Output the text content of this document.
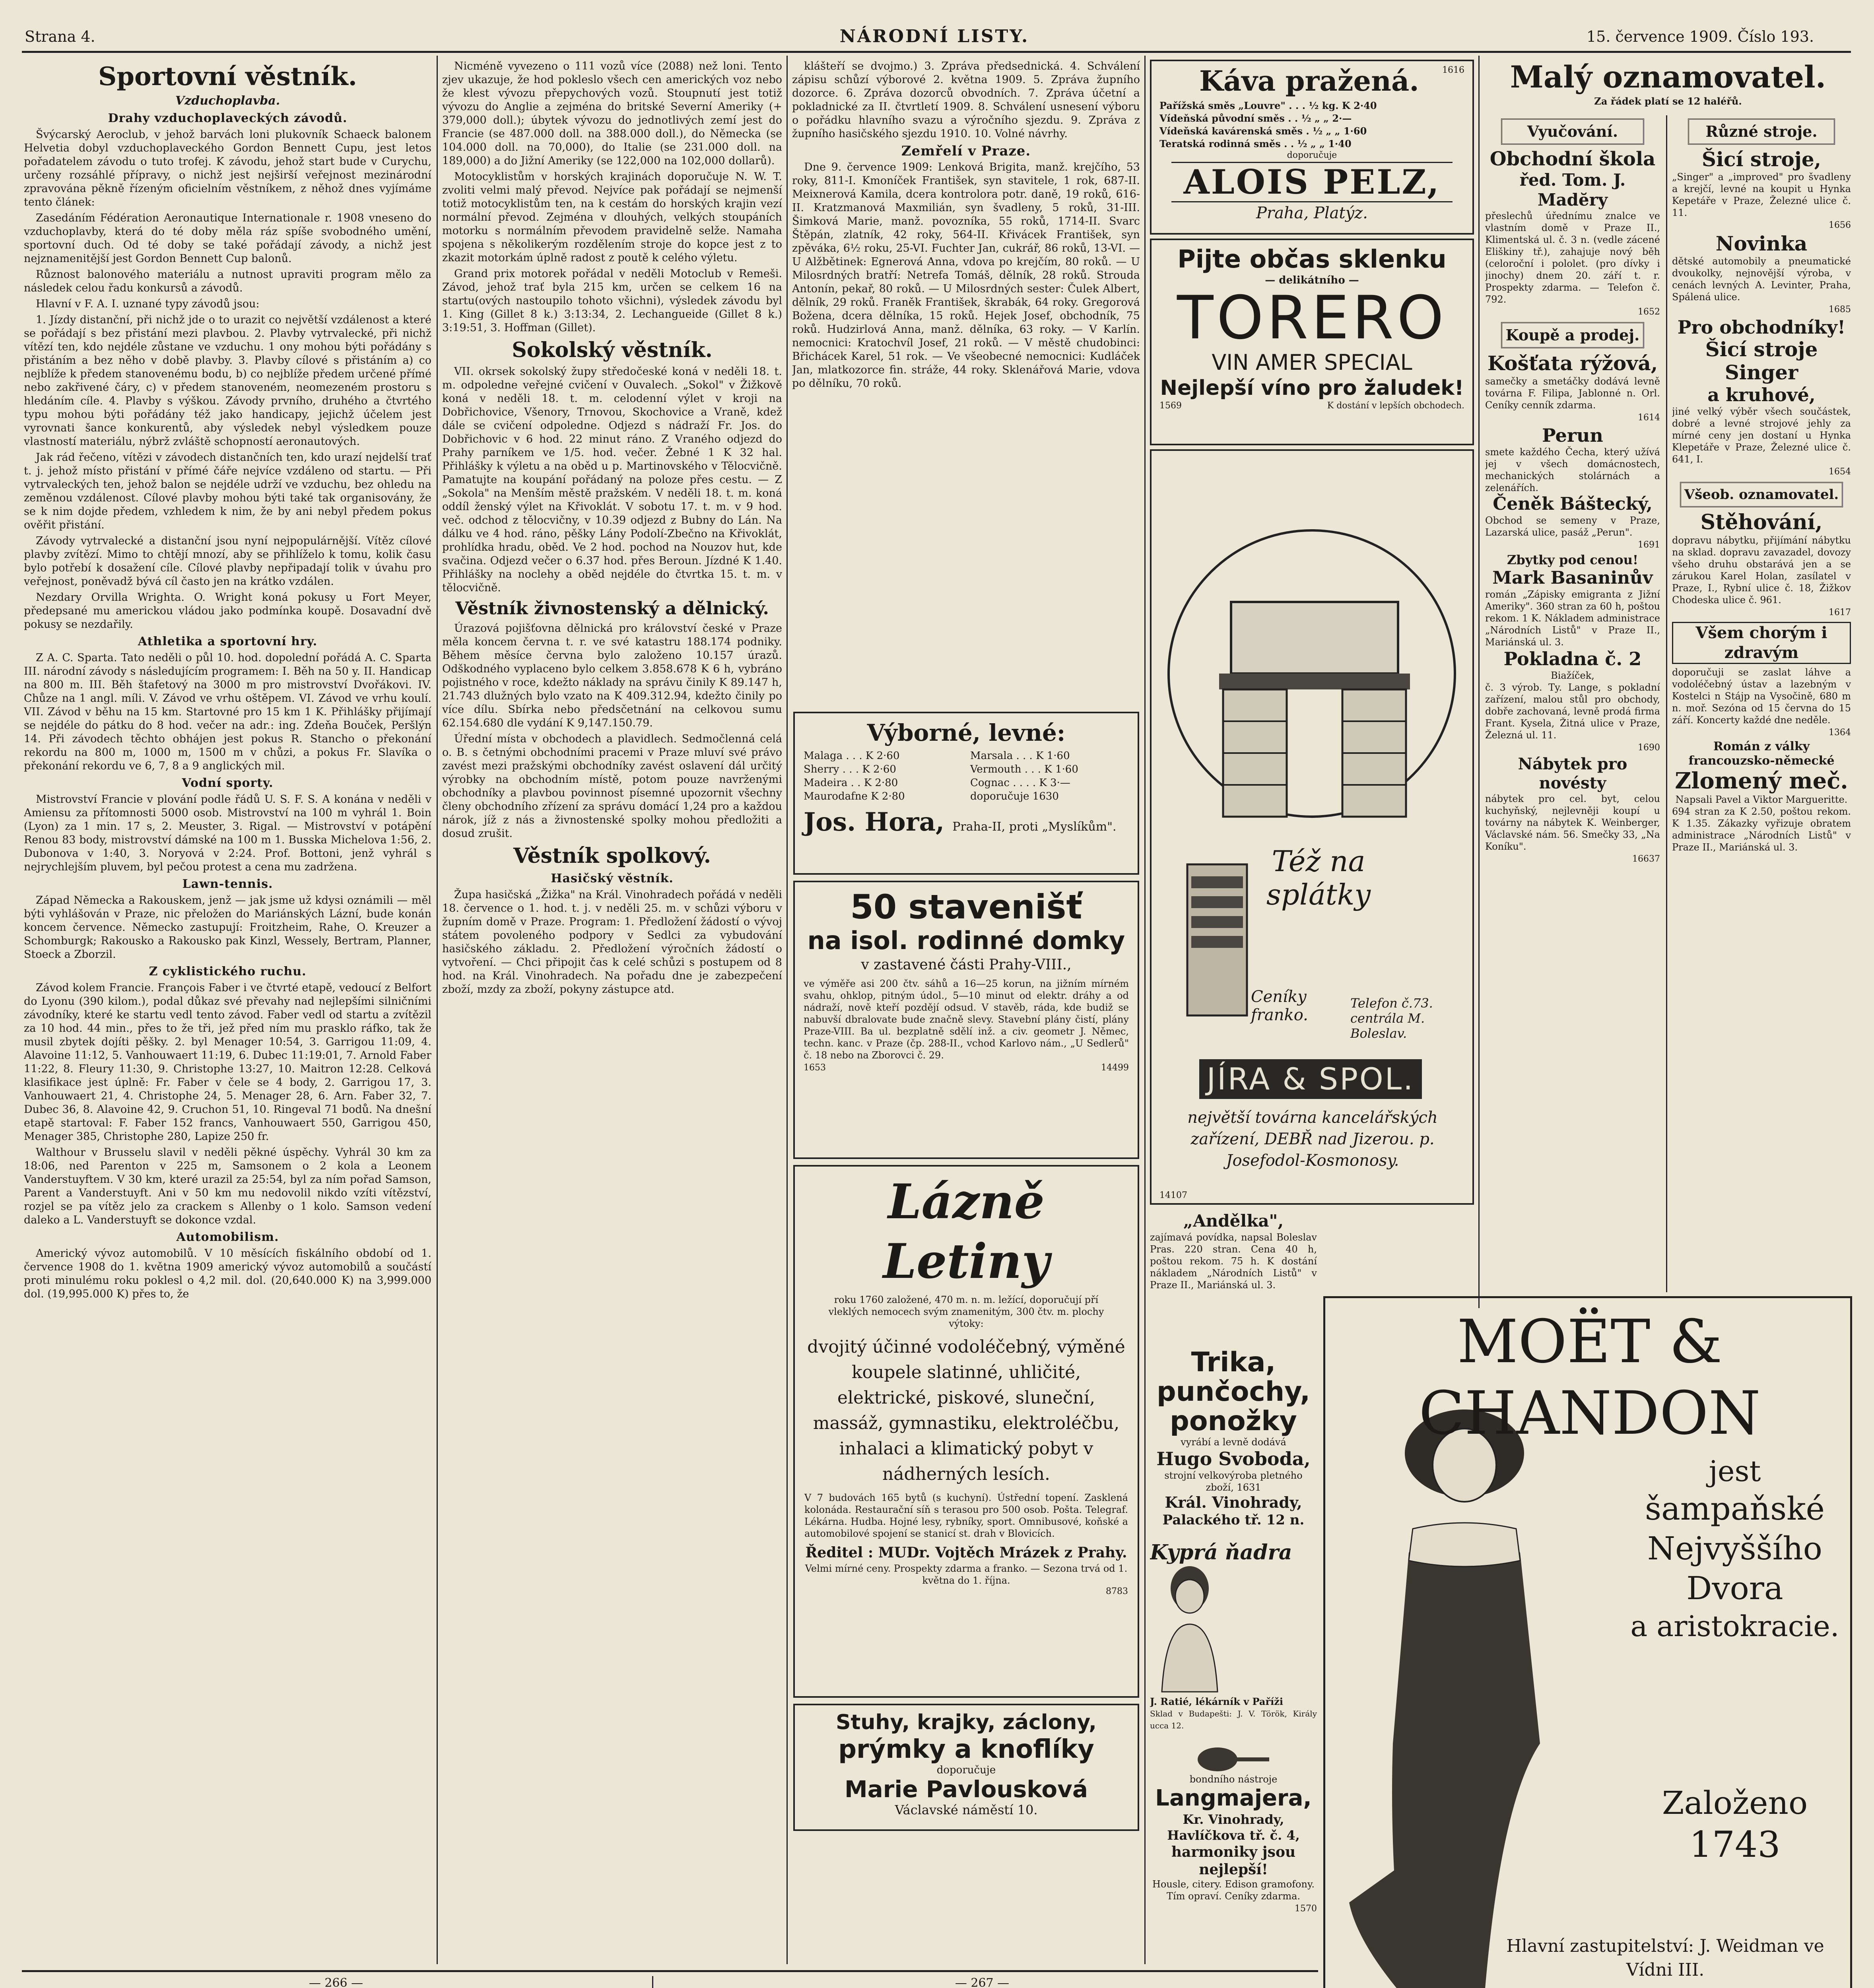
Strana 4.	NÁRODNÍ LISTY.	15. července 1909. Číslo 193.
Sportovní věstník.
Vzduchoplavba.
Drahy vzduchoplaveckých závodů.

Švýcarský Aeroclub, v jehož barvách loni plukovník Schaeck balonem Helvetia dobyl vzduchoplaveckého Gordon Bennett Cupu, jest letos pořadatelem závodu o tuto trofej. K závodu, jehož start bude v Curychu, určeny rozsáhlé přípravy, o nichž jest nejširší veřejnost mezinárodní zpravována pěkně řízeným oficielním věstníkem, z něhož dnes vyjímáme tento článek:

Zasedáním Fédération Aeronautique Internationale r. 1908 vneseno do vzduchoplavby, která do té doby měla ráz spíše svobodného umění, sportovní duch. Od té doby se také pořádají závody, a nichž jest nejznamenitější jest Gordon Bennett Cup balonů.

Různost balonového materiálu a nutnost upraviti program mělo za následek celou řadu konkursů a závodů.

Hlavní v F. A. I. uznané typy závodů jsou:

1. Jízdy distanční, při nichž jde o to urazit co největší vzdálenost a které se pořádají s bez přistání mezi plavbou. 2. Plavby vytrvalecké, při nichž vítězí ten, kdo nejdéle zůstane ve vzduchu. 1 ony mohou býti pořádány s přistáním a bez něho v době plavby. 3. Plavby cílové s přistáním a) co nejblíže k předem stanovenému bodu, b) co nejblíže předem určené přímé nebo zakřivené čáry, c) v předem stanoveném, neomezeném prostoru s hledáním cíle. 4. Plavby s výškou. Závody prvního, druhého a čtvrtého typu mohou býti pořádány též jako handicapy, jejichž účelem jest vyrovnati šance konkurentů, aby výsledek nebyl výsledkem pouze vlastností materiálu, nýbrž zvláště schopností aeronautových.

Jak rád řečeno, vítězi v závodech distančních ten, kdo urazí nejdelší trať t. j. jehož místo přistání v přímé čáře nejvíce vzdáleno od startu. — Při vytrvaleckých ten, jehož balon se nejdéle udrží ve vzduchu, bez ohledu na zeměnou vzdálenost. Cílové plavby mohou býti také tak organisovány, že se k nim dojde předem, vzhledem k nim, že by ani nebyl předem pokus ověřit přistání.

Závody vytrvalecké a distanční jsou nyní nejpopulárnější. Vítěz cílové plavby zvítězí. Mimo to chtějí mnozí, aby se přihlíželo k tomu, kolik času bylo potřebí k dosažení cíle. Cílové plavby nepřipadají tolik v úvahu pro veřejnost, poněvadž bývá cíl často jen na krátko vzdálen.

Nezdary Orvilla Wrighta. O. Wright koná pokusy u Fort Meyer, předepsané mu americkou vládou jako podmínka koupě. Dosavadní dvě pokusy se nezdařily.

Athletika a sportovní hry.

Z A. C. Sparta. Tato neděli o půl 10. hod. dopolední pořádá A. C. Sparta III. národní závody s následujícím programem: I. Běh na 50 y. II. Handicap na 800 m. III. Běh štafetový na 3000 m pro mistrovství Dvořákovi. IV. Chůze na 1 angl. míli. V. Závod ve vrhu oštěpem. VI. Závod ve vrhu koulí. VII. Závod v běhu na 15 km. Startovné pro 15 km 1 K. Přihlášky přijímají se nejdéle do pátku do 8 hod. večer na adr.: ing. Zdeňa Bouček, Peršlýn 14. Při závodech těchto obhájen jest pokus R. Stancho o překonání rekordu na 800 m, 1000 m, 1500 m v chůzi, a pokus Fr. Slavíka o překonání rekordu ve 6, 7, 8 a 9 anglických mil.

Vodní sporty.

Mistrovství Francie v plování podle řádů U. S. F. S. A konána v neděli v Amiensu za přítomnosti 5000 osob. Mistrovství na 100 m vyhrál 1. Boin (Lyon) za 1 min. 17 s, 2. Meuster, 3. Rigal. — Mistrovství v potápění Renou 83 body, mistrovství dámské na 100 m 1. Busska Michelova 1:56, 2. Dubonova v 1:40, 3. Noryová v 2:24. Prof. Bottoni, jenž vyhrál s nejrychlejším pluvem, byl pečou protest a cena mu zadržena.

Lawn-tennis.

Západ Německa a Rakouskem, jenž — jak jsme už kdysi oznámili — měl býti vyhlášován v Praze, nic přeložen do Mariánských Lázní, bude konán koncem července. Německo zastupují: Froitzheim, Rahe, O. Kreuzer a Schomburgk; Rakousko a Rakousko pak Kinzl, Wessely, Bertram, Planner, Stoeck a Zborzil.

Z cyklistického ruchu.

Závod kolem Francie. François Faber i ve čtvrté etapě, vedoucí z Belfort do Lyonu (390 kilom.), podal důkaz své převahy nad nejlepšími silničními závodníky, které ke startu vedl tento závod. Faber vedl od startu a zvítězil za 10 hod. 44 min., přes to že tři, jež před ním mu prasklo ráfko, tak že musil zbytek dojíti pěšky. 2. byl Menager 10:54, 3. Garrigou 11:09, 4. Alavoine 11:12, 5. Vanhouwaert 11:19, 6. Dubec 11:19:01, 7. Arnold Faber 11:22, 8. Fleury 11:30, 9. Christophe 13:27, 10. Maitron 12:28. Celková klasifikace jest úplně: Fr. Faber v čele se 4 body, 2. Garrigou 17, 3. Vanhouwaert 21, 4. Christophe 24, 5. Menager 28, 6. Arn. Faber 32, 7. Dubec 36, 8. Alavoine 42, 9. Cruchon 51, 10. Ringeval 71 bodů. Na dnešní etapě startoval: F. Faber 152 francs, Vanhouwaert 550, Garrigou 450, Menager 385, Christophe 280, Lapize 250 fr.

Walthour v Brusselu slavil v neděli pěkné úspěchy. Vyhrál 30 km za 18:06, ned Parenton v 225 m, Samsonem o 2 kola a Leonem Vanderstuyftem. V 30 km, které urazil za 25:54, byl za ním pořad Samson, Parent a Vanderstuyft. Ani v 50 km mu nedovolil nikdo vzíti vítězství, rozjel se pa vítěz jelo za crackem s Allenby o 1 kolo. Samson vedení daleko a L. Vanderstuyft se dokonce vzdal.

Automobilism.

Americký vývoz automobilů. V 10 měsících fiskálního období od 1. července 1908 do 1. května 1909 americký vývoz automobilů a součástí proti minulému roku poklesl o 4,2 mil. dol. (20,640.000 K) na 3,999.000 dol. (19,995.000 K) přes to, že

Nicméně vyvezeno o 111 vozů více (2088) než loni. Tento zjev ukazuje, že hod pokleslo všech cen amerických voz nebo že klest vývozu přepychových vozů. Stoupnutí jest totiž vývozu do Anglie a zejména do britské Severní Ameriky (+ 379,000 doll.); úbytek vývozu do jednotlivých zemí jest do Francie (se 487.000 doll. na 388.000 doll.), do Německa (se 104.000 doll. na 70,000), do Italie (se 231.000 doll. na 189,000) a do Jižní Ameriky (se 122,000 na 102,000 dollarů).

Motocyklistům v horských krajinách doporučuje N. W. T. zvoliti velmi malý převod. Nejvíce pak pořádají se nejmenší totiž motocyklistům ten, na k cestám do horských krajin vezí normální převod. Zejména v dlouhých, velkých stoupáních motorku s normálním převodem pravidelně selže. Namaha spojena s několikerým rozdělením stroje do kopce jest z to zkazit motorkám úplně radost z poutě k celého výletu.

Grand prix motorek pořádal v neděli Motoclub v Remeši. Závod, jehož trať byla 215 km, určen se celkem 16 na startu(ových nastoupilo tohoto všichni), výsledek závodu byl 1. King (Gillet 8 k.) 3:13:34, 2. Lechangueide (Gillet 8 k.) 3:19:51, 3. Hoffman (Gillet).

Sokolský věstník.

VII. okrsek sokolský župy středočeské koná v neděli 18. t. m. odpoledne veřejné cvičení v Ouvalech. „Sokol" v Žižkově koná v neděli 18. t. m. celodenní výlet v kroji na Dobřichovice, Všenory, Trnovou, Skochovice a Vraně, kdež dále se cvičení odpoledne. Odjezd s nádraží Fr. Jos. do Dobřichovic v 6 hod. 22 minut ráno. Z Vraného odjezd do Prahy parníkem ve 1/5. hod. večer. Žebné 1 K 32 hal. Přihlášky k výletu a na oběd u p. Martinovského v Tělocvičně. Pamatujte na koupání pořádaný na poloze přes cestu. — Z „Sokola" na Menším městě pražském. V neděli 18. t. m. koná oddíl ženský výlet na Křivoklát. V sobotu 17. t. m. v 9 hod. več. odchod z tělocvičny, v 10.39 odjezd z Bubny do Lán. Na dálku ve 4 hod. ráno, pěšky Lány Podolí-Zbečno na Křivoklát, prohlídka hradu, oběd. Ve 2 hod. pochod na Nouzov hut, kde svačina. Odjezd večer o 6.37 hod. přes Beroun. Jízdné K 1.40. Přihlášky na noclehy a oběd nejdéle do čtvrtka 15. t. m. v tělocvičně.

Věstník živnostenský a dělnický.

Úrazová pojišťovna dělnická pro království české v Praze měla koncem června t. r. ve své katastru 188.174 podniky. Během měsíce června bylo založeno 10.157 úrazů. Odškodného vyplaceno bylo celkem 3.858.678 K 6 h, vybráno pojistného v roce, kdežto náklady na správu činily K 89.147 h, 21.743 dlužných bylo vzato na K 409.312.94, kdežto činily po více dílu. Sbírka nebo předsčetnání na celkovou sumu 62.154.680 dle vydání K 9,147.150.79.

Úřední místa v obchodech a plavidlech. Sedmočlenná celá o. B. s četnými obchodními pracemi v Praze mluví své právo zavést mezi pražskými obchodníky zavést oslavení dál určitý výrobky na obchodním místě, potom pouze navrženými obchodníky a plavbou povinnost písemné upozornit všechny členy obchodního zřízení za správu domácí 1,24 pro a každou nárok, jíž z nás a živnostenské spolky mohou předložiti a dosud zrušit.

Věstník spolkový.
Hasičský věstník.

Župa hasičská „Žižka" na Král. Vinohradech pořádá v neděli 18. července o 1. hod. t. j. v neděli 25. m. v schůzi výboru v župním domě v Praze. Program: 1. Předložení žádostí o vývoj státem povoleného podpory v Sedlci za vybudování hasičského základu. 2. Předložení výročních žádostí o vytvoření. — Chci připojit čas k celé schůzi s postupem od 8 hod. na Král. Vinohradech. Na pořadu dne je zabezpečení zboží, mzdy za zboží, pokyny zástupce atd.

klášteří se dvojmo.) 3. Zpráva předsednická. 4. Schválení zápisu schůzí výborové 2. května 1909. 5. Zpráva župního dozorce. 6. Zpráva dozorců obvodních. 7. Zpráva účetní a pokladnické za II. čtvrtletí 1909. 8. Schválení usnesení výboru o pořádku hlavního svazu a výročního sjezdu. 9. Zpráva z župního hasičského sjezdu 1910. 10. Volné návrhy.

Zemřelí v Praze.

Dne 9. července 1909: Lenková Brigita, manž. krejčího, 53 roky, 811-I. Kmoníček František, syn stavitele, 1 rok, 687-II. Meixnerová Kamila, dcera kontrolora potr. daně, 19 roků, 616-II. Kratzmanová Maxmilián, syn švadleny, 5 roků, 31-III. Šimková Marie, manž. povozníka, 55 roků, 1714-II. Svarc Štěpán, zlatník, 42 roky, 564-II. Křivácek František, syn zpěváka, 6½ roku, 25-VI. Fuchter Jan, cukrář, 86 roků, 13-VI. — U Alžbětinek: Egnerová Anna, vdova po krejčím, 80 roků. — U Milosrdných bratří: Netrefa Tomáš, dělník, 28 roků. Strouda Antonín, pekař, 80 roků. — U Milosrdných sester: Čulek Albert, dělník, 29 roků. Franěk František, škrabák, 64 roky. Gregorová Božena, dcera dělníka, 15 roků. Hejek Josef, obchodník, 75 roků. Hudzirlová Anna, manž. dělníka, 63 roky. — V Karlín. nemocnici: Kratochvíl Josef, 21 roků. — V městě chudobinci: Břichácek Karel, 51 rok. — Ve všeobecné nemocnici: Kudláček Jan, mlatkozorce fin. stráže, 44 roky. Sklenářová Marie, vdova po dělníku, 70 roků.

Výborné, levné:
Malaga . . . K 2·60
Sherry . . . K 2·60
Madeira . . K 2·80
Maurodafne K 2·80
Marsala . . . K 1·60
Vermouth . . . K 1·60
Cognac . . . . K 3·—
doporučuje 1630
Jos. Hora, Praha-II, proti „Myslíkům".
50 stavenišť
na isol. rodinné domky
v zastavené části Prahy-VIII.,
ve výměře asi 200 čtv. sáhů a 16—25 korun, na jižním mírném svahu, ohklop, pitným údol., 5—10 minut od elektr. dráhy a od nádraží, nově kteří pozdějí odsud. V stavěb, ráda, kde budiž se nabuvší dbralovate bude značně slevy. Stavební plány čistí, plány Praze-VIII. Ba ul. bezplatně sdělí inž. a civ. geometr J. Němec, techn. kanc. v Praze (čp. 288-II., vchod Karlovo nám., „U Sedlerů" č. 18 nebo na Zborovci č. 29.
1653	14499
Lázně Letiny
roku 1760 založené, 470 m. n. m. ležící, doporučují pří vleklých nemocech svým znamenitým, 300 čtv. m. plochy výtoky:
dvojitý účinné vodoléčebný, výměné koupele slatinné, uhličité, elektrické, piskové, sluneční, massáž, gymnastiku, elektroléčbu, inhalaci a klimatický pobyt v nádherných lesích.
V 7 budovách 165 bytů (s kuchyní). Ústřední topení. Zasklená kolonáda. Restaurační síň s terasou pro 500 osob. Pošta. Telegraf. Lékárna. Hudba. Hojné lesy, rybníky, sport. Omnibusové, koňské a automobilové spojení se stanicí st. drah v Blovicích.
Ředitel : MUDr. Vojtěch Mrázek z Prahy.
Velmi mírné ceny. Prospekty zdarma a franko. — Sezona trvá od 1. května do 1. října.
8783
Stuhy, krajky, záclony,
prýmky a knoflíky
doporučuje
Marie Pavlousková
Václavské náměstí 10.
Káva pražená.	1616
Pařížská směs „Louvre" . . . ½ kg. K 2·40
Vídeňská původní směs . . ½ „ „ 2·—
Vídeňská kavárenská směs . ½ „ „ 1·60
Teratská rodinná směs . . ½ „ „ 1·40
doporučuje
ALOIS PELZ,
Praha, Platýz.
Pijte občas sklenku
— delikátního —
TORERO
VIN AMER SPECIAL
Nejlepší víno pro žaludek!
1569	K dostání v lepších obchodech.
Též na splátky
Ceníky franko.
Telefon č.73. centrála M. Boleslav.
JÍRA & SPOL.
největší továrna kancelářských zařízení, DEBŘ nad Jizerou. p. Josefodol-Kosmonosy.
14107
„Andělka",
zajímavá povídka, napsal Boleslav Pras. 220 stran. Cena 40 h, poštou rekom. 75 h. K dostání nákladem „Národních Listů" v Praze II., Mariánská ul. 3.
Trika,
punčochy,
ponožky
vyrábí a levně dodává
Hugo Svoboda,
strojní velkovýroba pletného zboží, 1631
Král. Vinohrady,
Palackého tř. 12 n.
Kyprá ňadra
J. Ratié, lékárník v Paříži
Sklad v Budapešti: J. V. Török, Király ucca 12.
bondního nástroje
Langmajera,
Kr. Vinohrady, Havlíčkova tř. č. 4,
harmoniky jsou nejlepší!
Housle, citery. Edison gramofony. Tím opraví. Ceníky zdarma.
1570
Malý oznamovatel.
Za řádek platí se 12 haléřů.
Vyučování.
Obchodní škola
řed. Tom. J. Madĕry
přeslechů úřednímu znalce ve vlastním domě v Praze II., Klimentská ul. č. 3 n. (vedle zácené Eliškiny tř.), zahajuje nový běh (celoroční i pololet. (pro dívky i jinochy) dnem 20. září t. r. Prospekty zdarma. — Telefon č. 792.
1652
Koupě a prodej.
Košťata rýžová,
samečky a smetáčky dodává levně továrna F. Filipa, Jablonné n. Orl. Ceníky cenník zdarma.
1614
Perun
smete každého Čecha, který užívá jej v všech domácnostech, mechanických stolárnách a zelenářích.
Čeněk Báštecký,
Obchod se semeny v Praze, Lazarská ulice, pasáž „Perun".
1691
Zbytky pod cenou!
Mark Basaninův
román „Zápisky emigranta z Jižní Ameriky". 360 stran za 60 h, poštou rekom. 1 K. Nákladem administrace „Národních Listů" v Praze II., Mariánská ul. 3.
Pokladna č. 2
Biažíček,
č. 3 výrob. Ty. Lange, s pokladní zařízení, malou stůl pro obchody, dobře zachovaná, levně prodá firma Frant. Kysela, Žitná ulice v Praze, Železná ul. 11.
1690
Nábytek pro novésty
nábytek pro cel. byt, celou kuchyňský, nejlevněji koupí u továrny na nábytek K. Weinberger, Václavské nám. 56. Smečky 33, „Na Koníku".
16637
Různé stroje.
Šicí stroje,
„Singer" a „improved" pro švadleny a krejčí, levné na koupit u Hynka Kepetáře v Praze, Železné ulice č. 11.
1656
Novinka
dětské automobily a pneumatické dvoukolky, nejnovější výroba, v cenách levných A. Levinter, Praha, Spálená ulice.
1685
Pro obchodníky!
Šicí stroje Singer
a kruhové,
jiné velký výběr všech součástek, dobré a levné strojové jehly za mírné ceny jen dostaní u Hynka Klepetáře v Praze, Železné ulice č. 641, I.
1654
Všeob. oznamovatel.
Stěhování,
dopravu nábytku, přijímání nábytku na sklad. dopravu zavazadel, dovozy všeho druhu obstarává jen a se zárukou Karel Holan, zasílatel v Praze, I., Rybní ulice č. 18, Žižkov Chodeska ulice č. 961.
1617
Všem chorým i zdravým
doporučuji se zaslat láhve a vodoléčebný ústav a lazebným v Kostelci n Stájp na Vysočině, 680 m n. moř. Sezóna od 15 června do 15 září. Koncerty každé dne neděle.
1364
Román z války francouzsko-německé
Zlomený meč.
Napsali Pavel a Viktor Margueritte.
694 stran za K 2.50, poštou rekom. K 1.35. Zákazky vyřizuje obratem administrace „Národních Listů" v Praze II., Mariánská ul. 3.
MOËT & CHANDON
jest
šampaňské
Nejvyššího
Dvora
a aristokracie.
Založeno
1743
Hlavní zastupitelství: J. Weidman ve Vídni III.
— 266 —	— 267 —
